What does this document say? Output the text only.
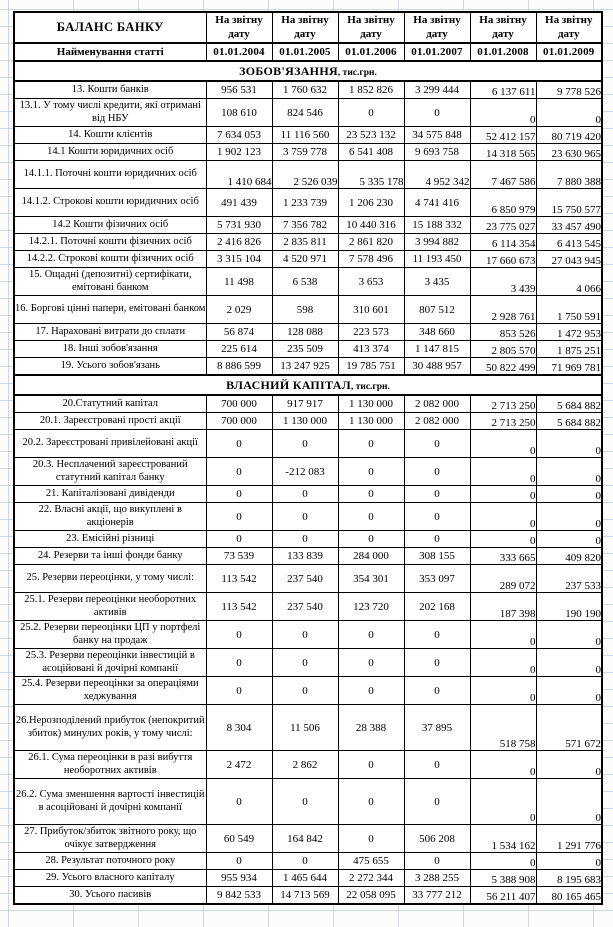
БАЛАНС БАНКУ	На звітну дату	На звітну дату	На звітну дату	На звітну дату	На звітну дату	На звітну дату
Найменування статті	01.01.2004	01.01.2005	01.01.2006	01.01.2007	01.01.2008	01.01.2009
ЗОБОВ'ЯЗАННЯ, тис.грн.						
13. Кошти банків	956 531	1 760 632	1 852 826	3 299 444	6 137 611	9 778 526
13.1. У тому числі кредити, які отримані від НБУ	108 610	824 546	0	0	0	0
14. Кошти клієнтів	7 634 053	11 116 560	23 523 132	34 575 848	52 412 157	80 719 420
14.1 Кошти юридичних осіб	1 902 123	3 759 778	6 541 408	9 693 758	14 318 565	23 630 965
14.1.1. Поточні кошти юридичних осіб	1 410 684	2 526 039	5 335 178	4 952 342	7 467 586	7 880 388
14.1.2. Строкові кошти юридичних осіб	491 439	1 233 739	1 206 230	4 741 416	6 850 979	15 750 577
14.2 Кошти фізичних осіб	5 731 930	7 356 782	10 440 316	15 188 332	23 775 027	33 457 490
14.2.1. Поточні кошти фізичних осіб	2 416 826	2 835 811	2 861 820	3 994 882	6 114 354	6 413 545
14.2.2. Строкові кошти фізичних осіб	3 315 104	4 520 971	7 578 496	11 193 450	17 660 673	27 043 945
15. Ощадні (депозитні) сертифікати, емітовані банком	11 498	6 538	3 653	3 435	3 439	4 066
16. Боргові цінні папери, емітовані банком	2 029	598	310 601	807 512	2 928 761	1 750 591
17. Нараховані витрати до сплати	56 874	128 088	223 573	348 660	853 526	1 472 953
18. Інші зобов'язання	225 614	235 509	413 374	1 147 815	2 805 570	1 875 251
19. Усього зобов'язань	8 886 599	13 247 925	19 785 751	30 488 957	50 822 499	71 969 781
ВЛАСНИЙ КАПІТАЛ, тис.грн.						
20.Статутний капітал	700 000	917 917	1 130 000	2 082 000	2 713 250	5 684 882
20.1. Зареєстровані прості акції	700 000	1 130 000	1 130 000	2 082 000	2 713 250	5 684 882
20.2. Зареєстровані привілейовані акції	0	0	0	0	0	0
20.3. Несплачений зареєстрований статутний капітал банку	0	-212 083	0	0	0	0
21. Капіталізовані дивіденди	0	0	0	0	0	0
22. Власні акції, що викуплені в акціонерів	0	0	0	0	0	0
23. Емісійні різниці	0	0	0	0	0	0
24. Резерви та інші фонди банку	73 539	133 839	284 000	308 155	333 665	409 820
25. Резерви переоцінки, у тому числі:	113 542	237 540	354 301	353 097	289 072	237 533
25.1. Резерви переоцінки необоротних активів	113 542	237 540	123 720	202 168	187 398	190 190
25.2. Резерви переоцінки ЦП у портфелі банку на продаж	0	0	0	0	0	0
25.3. Резерви переоцінки інвестицій в асоційовані й дочірні компанії	0	0	0	0	0	0
25.4. Резерви переоцінки за операціями хеджування	0	0	0	0	0	0
26.Нерозподілений прибуток (непокритий збиток) минулих років, у тому числі:	8 304	11 506	28 388	37 895	518 758	571 672
26.1. Сума переоцінки в разі вибуття необоротних активів	2 472	2 862	0	0	0	0
26.2. Сума зменшення вартості інвестицій в асоційовані й дочірні компанії	0	0	0	0	0	0
27. Прибуток/збиток звітного року, що очікує затвердження	60 549	164 842	0	506 208	1 534 162	1 291 776
28. Результат поточного року	0	0	475 655	0	0	0
29. Усього власного капіталу	955 934	1 465 644	2 272 344	3 288 255	5 388 908	8 195 683
30. Усього пасивів	9 842 533	14 713 569	22 058 095	33 777 212	56 211 407	80 165 465
